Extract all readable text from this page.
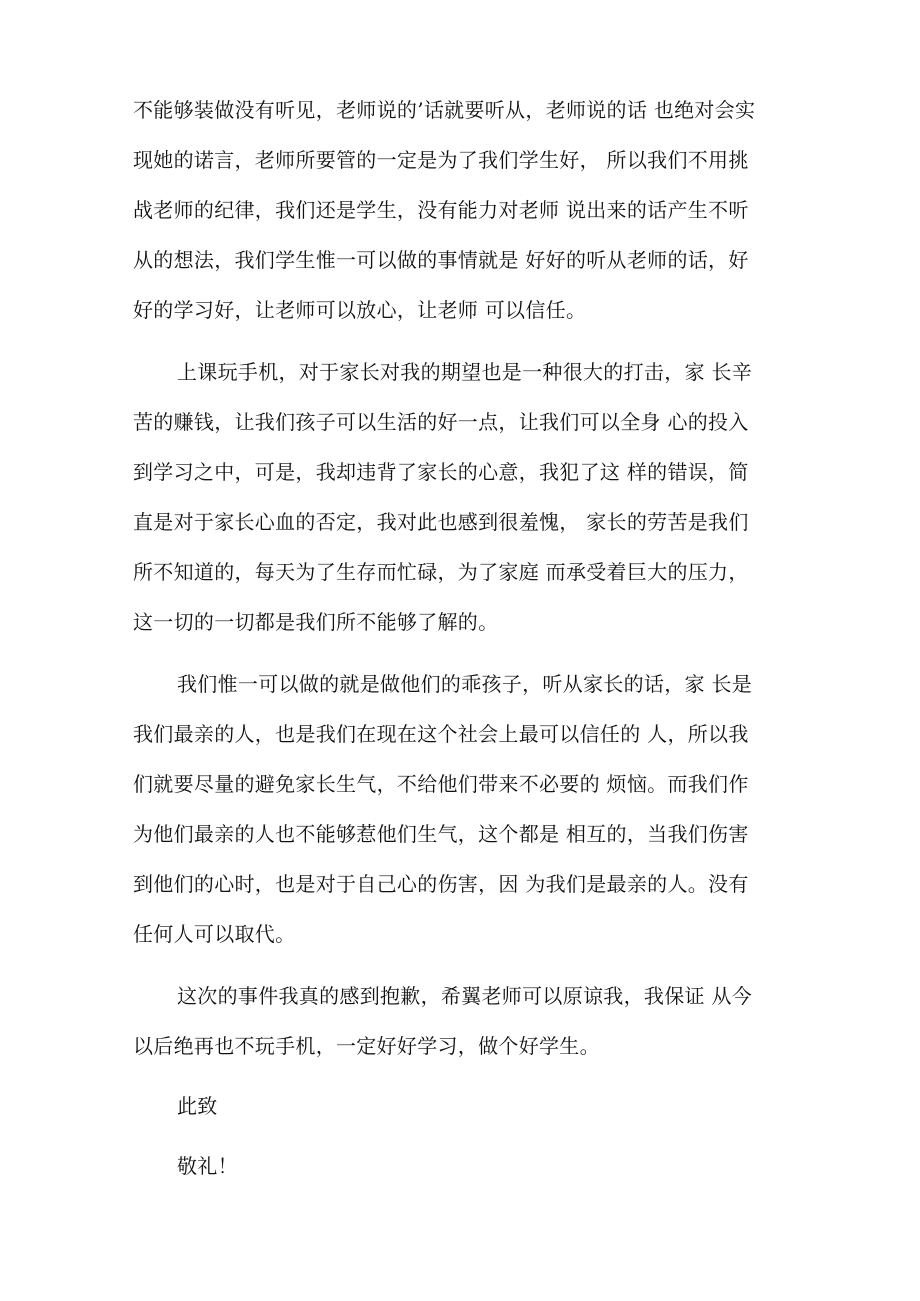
不能够装做没有听见，老师说的’话就要听从，老师说的话 也绝对会实
现她的诺言，老师所要管的一定是为了我们学生好， 所以我们不用挑
战老师的纪律，我们还是学生，没有能力对老师 说出来的话产生不听
从的想法，我们学生惟一可以做的事情就是 好好的听从老师的话，好
好的学习好，让老师可以放心，让老师 可以信任。
上课玩手机，对于家长对我的期望也是一种很大的打击，家 长辛
苦的赚钱，让我们孩子可以生活的好一点，让我们可以全身 心的投入
到学习之中，可是，我却违背了家长的心意，我犯了这 样的错误，简
直是对于家长心血的否定，我对此也感到很羞愧， 家长的劳苦是我们
所不知道的，每天为了生存而忙碌，为了家庭 而承受着巨大的压力，
这一切的一切都是我们所不能够了解的。
我们惟一可以做的就是做他们的乖孩子，听从家长的话，家 长是
我们最亲的人，也是我们在现在这个社会上最可以信任的 人，所以我
们就要尽量的避免家长生气，不给他们带来不必要的 烦恼。而我们作
为他们最亲的人也不能够惹他们生气，这个都是 相互的，当我们伤害
到他们的心时，也是对于自己心的伤害，因 为我们是最亲的人。没有
任何人可以取代。
这次的事件我真的感到抱歉，希翼老师可以原谅我，我保证 从今
以后绝再也不玩手机，一定好好学习，做个好学生。
此致
敬礼！
